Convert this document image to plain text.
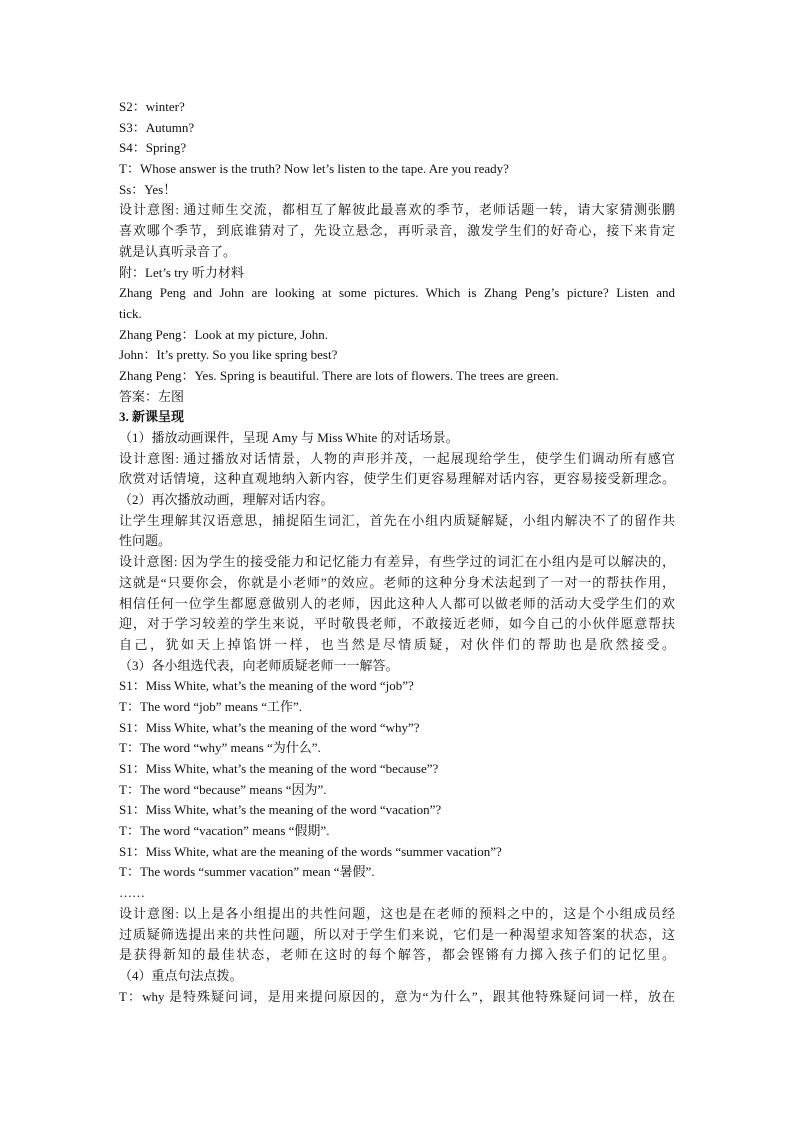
S2：winter?
S3：Autumn?
S4：Spring?
T：Whose answer is the truth? Now let’s listen to the tape. Are you ready?
Ss：Yes！
设计意图: 通过师生交流，都相互了解彼此最喜欢的季节，老师话题一转，请大家猜测张鹏
喜欢哪个季节，到底谁猜对了，先设立悬念，再听录音，激发学生们的好奇心，接下来肯定
就是认真听录音了。
附：Let’s try 听力材料
Zhang Peng and John are looking at some pictures. Which is Zhang Peng’s picture? Listen and
tick.
Zhang Peng：Look at my picture, John.
John：It’s pretty. So you like spring best?
Zhang Peng：Yes. Spring is beautiful. There are lots of flowers. The trees are green.
答案：左图
3. 新课呈现
（1）播放动画课件，呈现 Amy 与 Miss White 的对话场景。
设计意图: 通过播放对话情景，人物的声形并茂，一起展现给学生，使学生们调动所有感官
欣赏对话情境，这种直观地纳入新内容，使学生们更容易理解对话内容，更容易接受新理念。
（2）再次播放动画，理解对话内容。
让学生理解其汉语意思，捕捉陌生词汇，首先在小组内质疑解疑，小组内解决不了的留作共
性问题。
设计意图: 因为学生的接受能力和记忆能力有差异，有些学过的词汇在小组内是可以解决的，
这就是“只要你会，你就是小老师”的效应。老师的这种分身术法起到了一对一的帮扶作用，
相信任何一位学生都愿意做别人的老师，因此这种人人都可以做老师的活动大受学生们的欢
迎，对于学习较差的学生来说，平时敬畏老师，不敢接近老师，如今自己的小伙伴愿意帮扶
自己，犹如天上掉馅饼一样，也当然是尽情质疑，对伙伴们的帮助也是欣然接受。
（3）各小组选代表，向老师质疑老师一一解答。
S1：Miss White, what’s the meaning of the word “job”?
T：The word “job” means “工作”.
S1：Miss White, what’s the meaning of the word “why”?
T：The word “why” means “为什么”.
S1：Miss White, what’s the meaning of the word “because”?
T：The word “because” means “因为”.
S1：Miss White, what’s the meaning of the word “vacation”?
T：The word “vacation” means “假期”.
S1：Miss White, what are the meaning of the words “summer vacation”?
T：The words “summer vacation” mean “暑假”.
……
设计意图: 以上是各小组提出的共性问题，这也是在老师的预料之中的，这是个小组成员经
过质疑筛选提出来的共性问题，所以对于学生们来说，它们是一种渴望求知答案的状态，这
是获得新知的最佳状态，老师在这时的每个解答，都会铿锵有力掷入孩子们的记忆里。
（4）重点句法点拨。
T：why 是特殊疑问词，是用来提问原因的，意为“为什么”，跟其他特殊疑问词一样，放在
